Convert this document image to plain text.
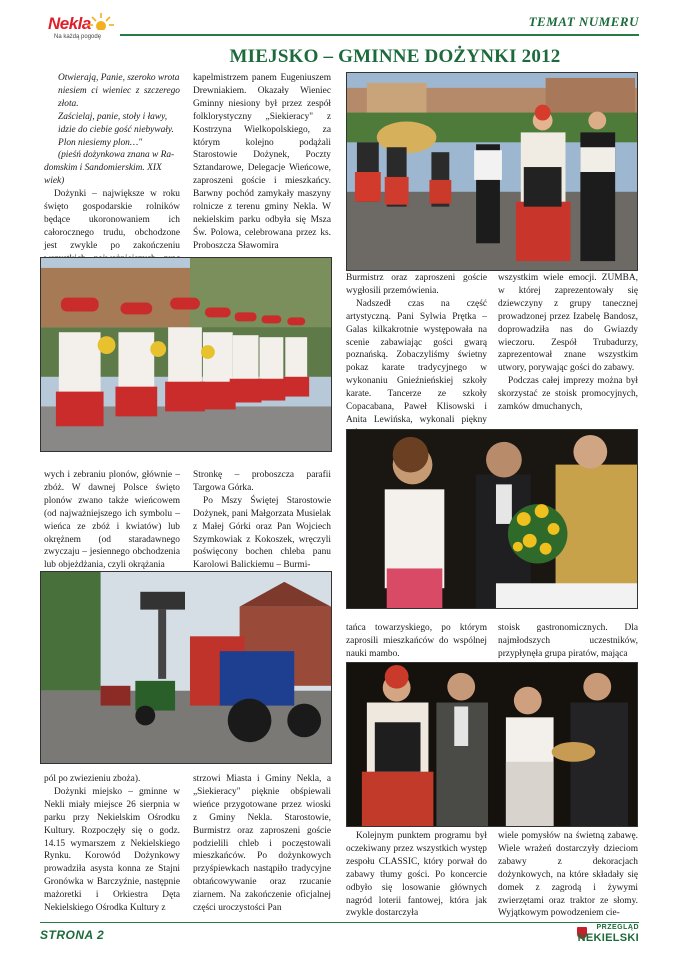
Nekla
Na każdą pogodę
TEMAT NUMERU
MIEJSKO – GMINNE DOŻYNKI 2012
Otwierają, Panie, szeroko wrota
niesiem ci wieniec z szczerego złota.
Zaścielaj, panie, stoły i ławy,
idzie do ciebie gość niebywały.
Plon niesiemy plon…"
(pieśń dożynkowa znana w Ra-
domskim i Sandomierskim. XIX
wiek)

Dożynki – największe w roku święto gospodarskie rolników będące ukoronowaniem ich całorocznego trudu, obchodzone jest zwykle po zakończeniu

kapelmistrzem panem Eugeniuszem Drewniakiem. Okazały Wieniec Gminny niesiony był przez zespół folklorystyczny „Siekieracy" z Kostrzyna Wielkopolskiego, za którym kolejno podążali Starostowie Dożynek, Poczty Sztandarowe, Delegacje Wieńcowe, zaproszeni goście i mieszkańcy. Barwny pochód zamykały maszyny rolnicze z terenu gminy Nekla. W nekielskim parku odbyła się Msza Św. Polowa, celebrowana przez ks. Proboszcza Sławomira

Burmistrz oraz zaproszeni goście wygłosili przemówienia.

Nadszedł czas na część artystyczną. Pani Sylwia Prętka – Galas kilkakrotnie występowała na scenie zabawiając gości gwarą poznańską. Zobaczyliśmy świetny pokaz karate tradycyjnego w wykonaniu Gnieźnieńskiej szkoły karate. Tancerze ze szkoły Copacabana, Paweł Klisowski i Anita Lewińska, wykonali piękny

wszystkim wiele emocji. ZUMBA, w której zaprezentowały się dziewczyny z grupy tanecznej prowadzonej przez Izabelę Bandosz, doprowadziła nas do Gwiazdy wieczoru. Zespół Trubadurzy, zaprezentował znane wszystkim utwory, porywając gości do zabawy.

Podczas całej imprezy można był skorzystać ze stoisk promocyjnych, zamków dmuchanych,

wych i zebraniu plonów, głównie – zbóż. W dawnej Polsce święto plonów zwano także wieńcowem (od najważniejszego ich symbolu – wieńca ze zbóż i kwiatów) lub okrężnem (od staradawnego zwyczaju – jesiennego obchodzenia lub objeżdżania, czyli okrążania

Stronkę – proboszcza parafii Targowa Górka.

Po Mszy Świętej Starostowie Dożynek, pani Małgorzata Musielak z Małej Górki oraz Pan Wojciech Szymkowiak z Kokoszek, wręczyli poświęcony bochen chleba panu Karolowi Balickiemu – Burmi-

tańca towarzyskiego, po którym zaprosili mieszkańców do wspólnej nauki mambo.

stoisk gastronomicznych. Dla najmłodszych uczestników, przypłynęła grupa piratów, mająca

pól po zwiezieniu zboża).

Dożynki miejsko – gminne w Nekli miały miejsce 26 sierpnia w parku przy Nekielskim Ośrodku Kultury. Rozpoczęły się o godz. 14.15 wymarszem z Nekielskiego Rynku. Korowód Dożynkowy prowadziła asysta konna ze Stajni Gronówka w Barczyźnie, następnie mażoretki i Orkiestra Dęta Nekielskiego Ośrodka Kultury z

strzowi Miasta i Gminy Nekla, a „Siekieracy" pięknie obśpiewali wieńce przygotowane przez wioski z Gminy Nekla. Starostowie, Burmistrz oraz zaproszeni goście podzielili chleb i poczęstowali mieszkańców. Po dożynkowych przyśpiewkach nastąpiło tradycyjne obtańcowywanie oraz rzucanie ziarnem. Na zakończenie oficjalnej części uroczystości Pan

Kolejnym punktem programu był oczekiwany przez wszystkich występ zespołu CLASSIC, który porwał do zabawy tłumy gości. Po koncercie odbyło się losowanie głównych nagród loterii fantowej, która jak zwykle dostarczyła

wiele pomysłów na świetną zabawę. Wiele wrażeń dostarczyły dzieciom zabawy z dekoracjach dożynkowych, na które składały się domek z zagrodą i żywymi zwierzętami oraz traktor ze słomy. Wyjątkowym powodzeniem cie-

STRONA 2
PRZEGLĄD
NEKIELSKI
